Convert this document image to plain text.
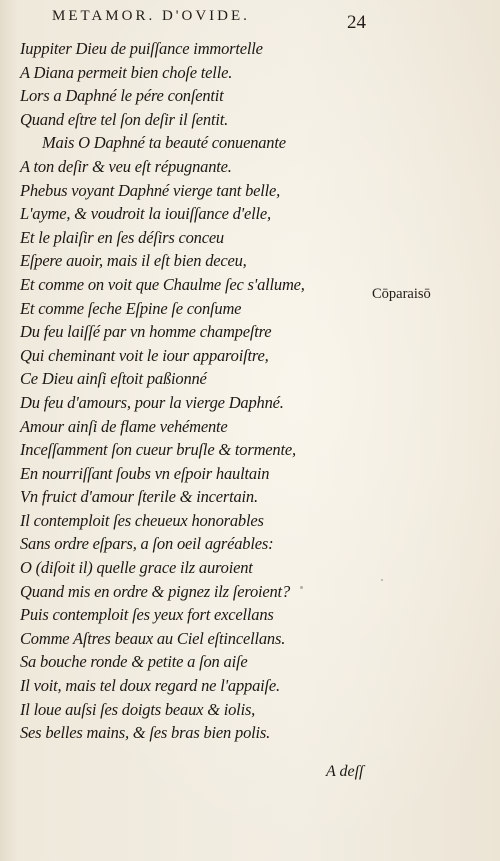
METAMOR. D'OVIDE.	24
Iuppiter Dieu de puiſſance immortelle
A Diana permeit bien choſe telle.
Lors a Daphné le pére conſentit
Quand eſtre tel ſon deſir il ſentit.
Mais O Daphné ta beauté conuenante
A ton deſir & veu eſt répugnante.
Phebus voyant Daphné vierge tant belle,
L'ayme, & voudroit la iouiſſance d'elle,
Et le plaiſir en ſes déſirs conceu
Eſpere auoir, mais il eſt bien deceu,
Et comme on voit que Chaulme ſec s'allume,
Et comme ſeche Eſpine ſe conſume
Du feu laiſſé par vn homme champeſtre
Qui cheminant voit le iour apparoiſtre,
Ce Dieu ainſi eſtoit paßionné
Du feu d'amours, pour la vierge Daphné.
Amour ainſi de flame vehémente
Inceſſamment ſon cueur bruſle & tormente,
En nourriſſant ſoubs vn eſpoir haultain
Vn fruict d'amour ſterile & incertain.
Il contemploit ſes cheueux honorables
Sans ordre eſpars, a ſon oeil agréables:
O (diſoit il) quelle grace ilz auroient
Quand mis en ordre & pignez ilz ſeroient?
Puis contemploit ſes yeux fort excellans
Comme Aſtres beaux au Ciel eſtincellans.
Sa bouche ronde & petite a ſon aiſe
Il voit, mais tel doux regard ne l'appaiſe.
Il loue auſsi ſes doigts beaux & iolis,
Ses belles mains, & ſes bras bien polis.
Cōparaisō
A deſſ
